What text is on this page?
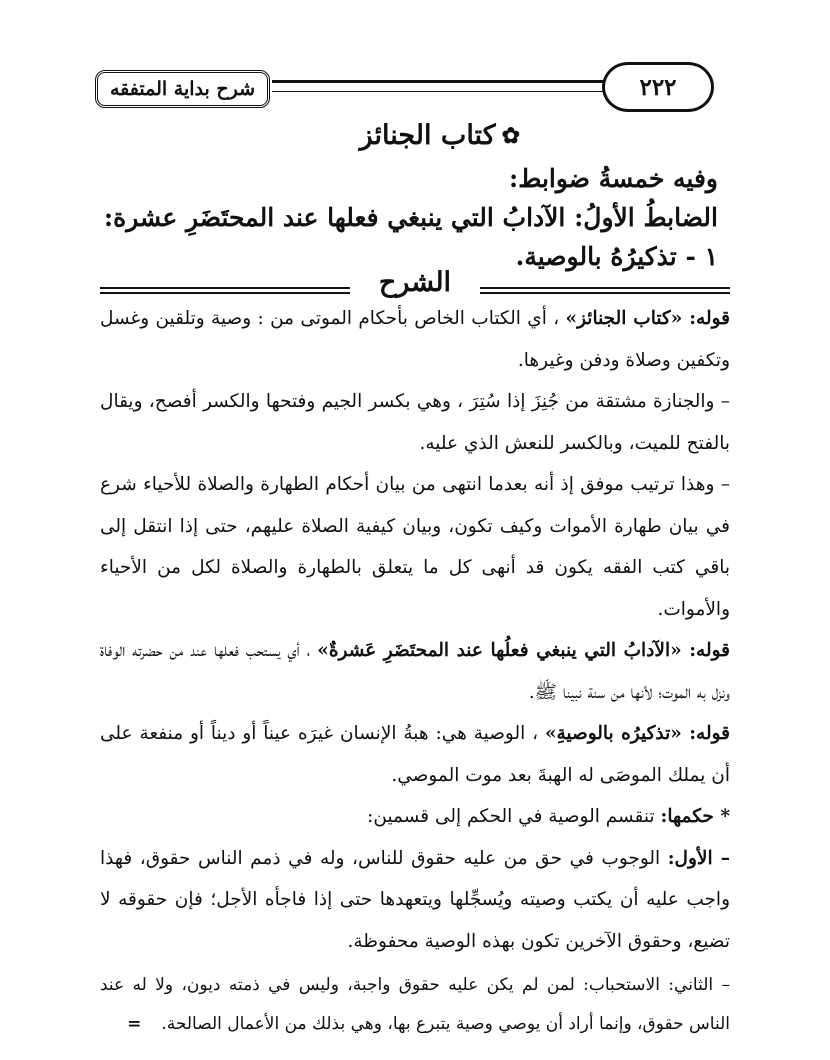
شرح بداية المتفقه	٢٢٢
✿
كتاب الجنائز
وفيه خمسةُ ضوابط:
الضابطُ الأولُ: الآدابُ التي ينبغي فعلها عند المحتَضَرِ عشرة:
١ - تذكيرُهُ بالوصية.
الشرح

قوله: «كتاب الجنائز» ، أي الكتاب الخاص بأحكام الموتى من : وصية وتلقين وغسل وتكفين وصلاة ودفن وغيرها.

– والجنازة مشتقة من جُنِزَ إذا سُتِرَ ، وهي بكسر الجيم وفتحها والكسر أفصح، ويقال بالفتح للميت، وبالكسر للنعش الذي عليه.

– وهذا ترتيب موفق إذ أنه بعدما انتهى من بيان أحكام الطهارة والصلاة للأحياء شرع في بيان طهارة الأموات وكيف تكون، وبيان كيفية الصلاة عليهم، حتى إذا انتقل إلى باقي كتب الفقه يكون قد أنهى كل ما يتعلق بالطهارة والصلاة لكل من الأحياء والأموات.

قوله: «الآدابُ التي ينبغي فعلُها عند المحتَضَرِ عَشرةٌ» ، أي يستحب فعلها عند من حضرته الوفاة ونزل به الموت؛ لأنها من سنة نبينا ﷺ.

قوله: «تذكيرُه بالوصيةِ» ، الوصية هي: هبةُ الإنسان غيرَه عيناً أو ديناً أو منفعة على أن يملك الموصَى له الهبةَ بعد موت الموصي.

* حكمها: تنقسم الوصية في الحكم إلى قسمين:

– الأول: الوجوب في حق من عليه حقوق للناس، وله في ذمم الناس حقوق، فهذا واجب عليه أن يكتب وصيته ويُسجِّلها ويتعهدها حتى إذا فاجأه الأجل؛ فإن حقوقه لا تضيع، وحقوق الآخرين تكون بهذه الوصية محفوظة.

– الثاني: الاستحباب: لمن لم يكن عليه حقوق واجبة، وليس في ذمته ديون، ولا له عند الناس حقوق، وإنما أراد أن يوصي وصية يتبرع بها، وهي بذلك من الأعمال الصالحة.=
